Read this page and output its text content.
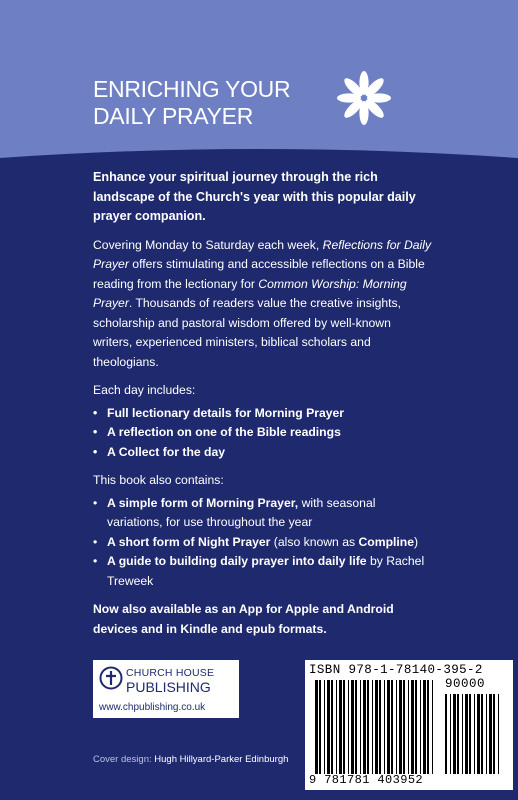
ENRICHING YOUR
DAILY PRAYER

Enhance your spiritual journey through the rich landscape of the Church's year with this popular daily prayer companion.

Covering Monday to Saturday each week, Reflections for Daily Prayer offers stimulating and accessible reflections on a Bible reading from the lectionary for Common Worship: Morning Prayer. Thousands of readers value the creative insights, scholarship and pastoral wisdom offered by well-known writers, experienced ministers, biblical scholars and theologians.

Each day includes:

• Full lectionary details for Morning Prayer
• A reflection on one of the Bible readings
• A Collect for the day

This book also contains:

• A simple form of Morning Prayer, with seasonal variations, for use throughout the year
• A short form of Night Prayer (also known as Compline)
• A guide to building daily prayer into daily life by Rachel Treweek

Now also available as an App for Apple and Android devices and in Kindle and epub formats.

CHURCH HOUSE
PUBLISHING
www.chpublishing.co.uk
ISBN 978-1-78140-395-2
90000
9 781781 403952
Cover design: Hugh Hillyard-Parker Edinburgh
